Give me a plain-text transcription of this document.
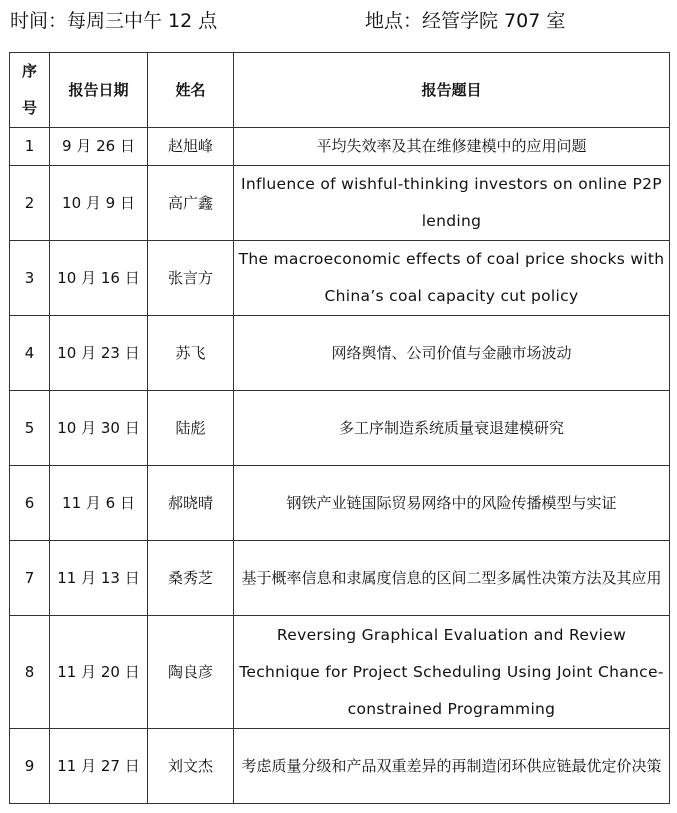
时间：每周三中午 12 点	地点：经管学院 707 室
序
号	报告日期	姓名	报告题目
1	9 月 26 日	赵旭峰	平均失效率及其在维修建模中的应用问题
2	10 月 9 日	高广鑫	Influence of wishful-thinking investors on online P2P lending
3	10 月 16 日	张言方	The macroeconomic effects of coal price shocks with China’s coal capacity cut policy
4	10 月 23 日	苏飞	网络舆情、公司价值与金融市场波动
5	10 月 30 日	陆彪	多工序制造系统质量衰退建模研究
6	11 月 6 日	郝晓晴	钢铁产业链国际贸易网络中的风险传播模型与实证
7	11 月 13 日	桑秀芝	基于概率信息和隶属度信息的区间二型多属性决策方法及其应用
8	11 月 20 日	陶良彦	Reversing Graphical Evaluation and Review Technique for Project Scheduling Using Joint Chance-constrained Programming
9	11 月 27 日	刘文杰	考虑质量分级和产品双重差异的再制造闭环供应链最优定价决策
